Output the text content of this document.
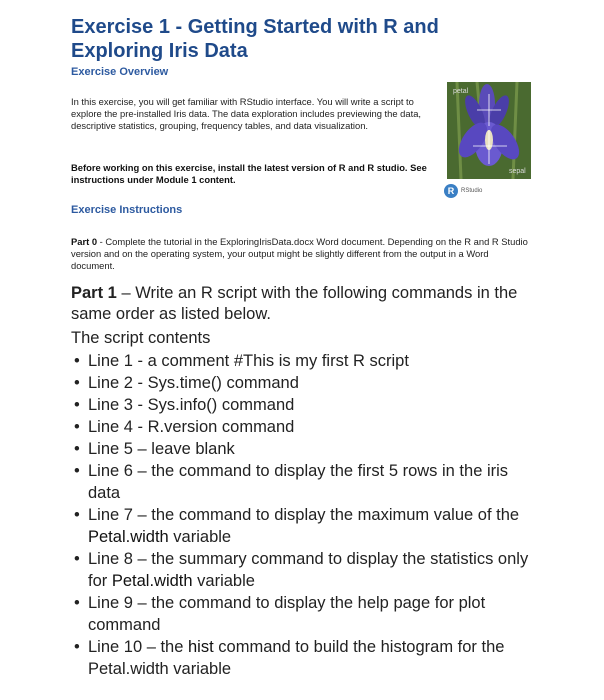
Exercise 1 - Getting Started with R and Exploring Iris Data
Exercise Overview
In this exercise, you will get familiar with RStudio interface. You will write a script to explore the pre-installed Iris data. The data exploration includes previewing the data, descriptive statistics, grouping, frequency tables, and data visualization.
Before working on this exercise, install the latest version of R and R studio. See instructions under Module 1 content.
petal
sepal
R	RStudio
Exercise Instructions
Part 0 - Complete the tutorial in the ExploringIrisData.docx Word document. Depending on the R and R Studio version and on the operating system, your output might be slightly different from the output in a Word document.
Part 1 – Write an R script with the following commands in the same order as listed below.
The script contents
• Line 1 - a comment #This is my first R script
• Line 2 - Sys.time() command
• Line 3 - Sys.info() command
• Line 4 - R.version command
• Line 5 – leave blank
• Line 6 – the command to display the first 5 rows in the iris data
• Line 7 – the command to display the maximum value of the Petal.width variable
• Line 8 – the summary command to display the statistics only for Petal.width variable
• Line 9 – the command to display the help page for plot command
• Line 10 – the hist command to build the histogram for the Petal.width variable
